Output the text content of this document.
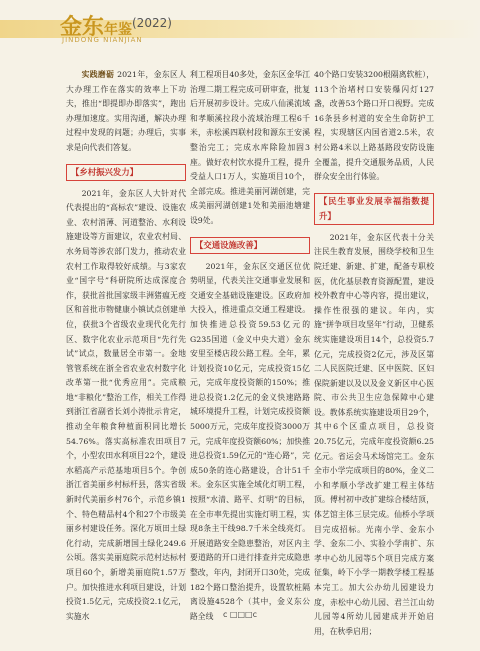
金东年鉴 (2022)
JINDONG NIANJIAN

实践磨砺 2021年，金东区人大办理工作在落实的效率上下功夫，推出“即提即办即落实”，跑出办理加速度。实用沟通，解决办理过程中发现的问题；办理后，实事求是向代表们答复。

【乡村振兴发力】

2021年，金东区人大针对代代表提出的“高标农”建设、设施农业、农村消薄、河道整治、水利设施建设等方面建议，农业农村局、水务局等涉农部门发力，推动农业农村工作取得较好成绩。与3家农业“国字号”科研院所达成深度合作，获批首批国家级丰洲猪瘟无疫区和首批市物健康小镇试点创建单位，获批3个省级农业现代化先行区、数字化农业示范项目“先行先试”试点，数量居全市第一。金地管管系统在浙全省农业农村数字化改革第一批“优秀应用”。完成粮地“非粮化”整治工作，相关工作得到浙江省副省长刘小涛批示肯定，推动全年粮食种植面积同比增长54.76%。落实高标准农田项目7个，小型农田水利项目22个，建设水稻高产示范基地项目5个。争创浙江省美丽乡村标杆县，落实省级新时代美丽乡村76个，示范乡镇1个、特色精品村4个和27个市级美丽乡村建设任务。深化万顷田土绿化行动，完成新增国土绿化249.6公顷。落实美丽庭院示范村达标村项目60个，新增美丽庭院1.57万户。加快推进水利项目建设，计划投资1.5亿元，完成投资2.1亿元，实施水

利工程项目40多处，金东区金华江治理二期工程完成可研审查，批复后开展初步设计。完成八仙溪流域和孝顺溪拉段小流域治理工程6千米，赤松溪四联村段和源东王安溪整治完工；完成水库除险加固3座。做好农村饮水提升工程，提升受益人口1万人，实施项目10个，全部完成。推进美丽河湖创建，完成美丽河湖创建1处和美丽池塘建设9处。

【交通设施改善】

2021年，金东区交通区位优势明显，代表关注交通事业发展和交通安全基础设施建设。区政府加大投入，推进重点交通工程建设。加快推进总投资59.53亿元的G235国道（金义中央大道）金东安里至楼店段公路工程。全年，累计划投资10亿元，完成投资15亿元，完成年度投资额的150%；推进总投资1.2亿元的金义快速路路城环境提升工程，计划完成投资额5000万元，完成年度投资3000万元，完成年度投资额60%；加快推进总投资1.59亿元的“连心路”，完成50条的连心路建设，合计51千米。金东区实施全域化灯明工程，按照“水清、路平、灯明”的目标，在全市率先提出实施灯明工程，实现8条主干线98.7千米全线亮灯。开展道路安全隐患整治，对区内主要道路的开口进行排查并完成隐患整改，年内，封闭开口30处，完成182个路口整治提升，设置软桩隔离设施4528个（其中，金义东公路全线

40个路口安装3200根隔离软桩），113个治堵村口安装爆闪灯127盏，改善53个路口开口视野。完成16条县乡村道的安全生命防护工程，实现辖区内国省道2.5米，农村公路4米以上路基路段安防设施全覆盖，提升交通服务品质，人民群众安全出行体验。

【民生事业发展幸福指数提升】

2021年，金东区代表十分关注民生教育发展，围绕学校和卫生院迁建、新建、扩建，配备专职校医，优化基层教育资源配置，建设校外教育中心等内容，提出建议，操作性很强的建议。年内，实施“拼争项目攻坚年”行动，卫健系统实施建设项目14个，总投资5.7亿元，完成投资2亿元，涉及区第二人民医院迁建、区中医院、区妇保院新建以及以及金义新区中心医院、市公共卫生应急保障中心建设。教体系统实施建设项目29个，其中6个区重点项目，总投资20.75亿元，完成年度投资额6.25亿元。省运会马术场馆完工。金东全市小学完成项目的80%，金义二小和孝顺小学改扩建工程主体结顶。傅村初中改扩建综合楼结顶，体艺馆主体三层完成。仙桥小学项目完成招标。光南小学、金东小学、金东二小、实验小学南扩、东孝中心幼儿园等5个项目完成方案征集，岭下小学一期教学楼工程基本完工。加大公办幼儿园建设力度，赤松中心幼儿园、君兰江山幼儿园等4所幼儿园建成并开始启用，在秋季启用；

c □□□c
